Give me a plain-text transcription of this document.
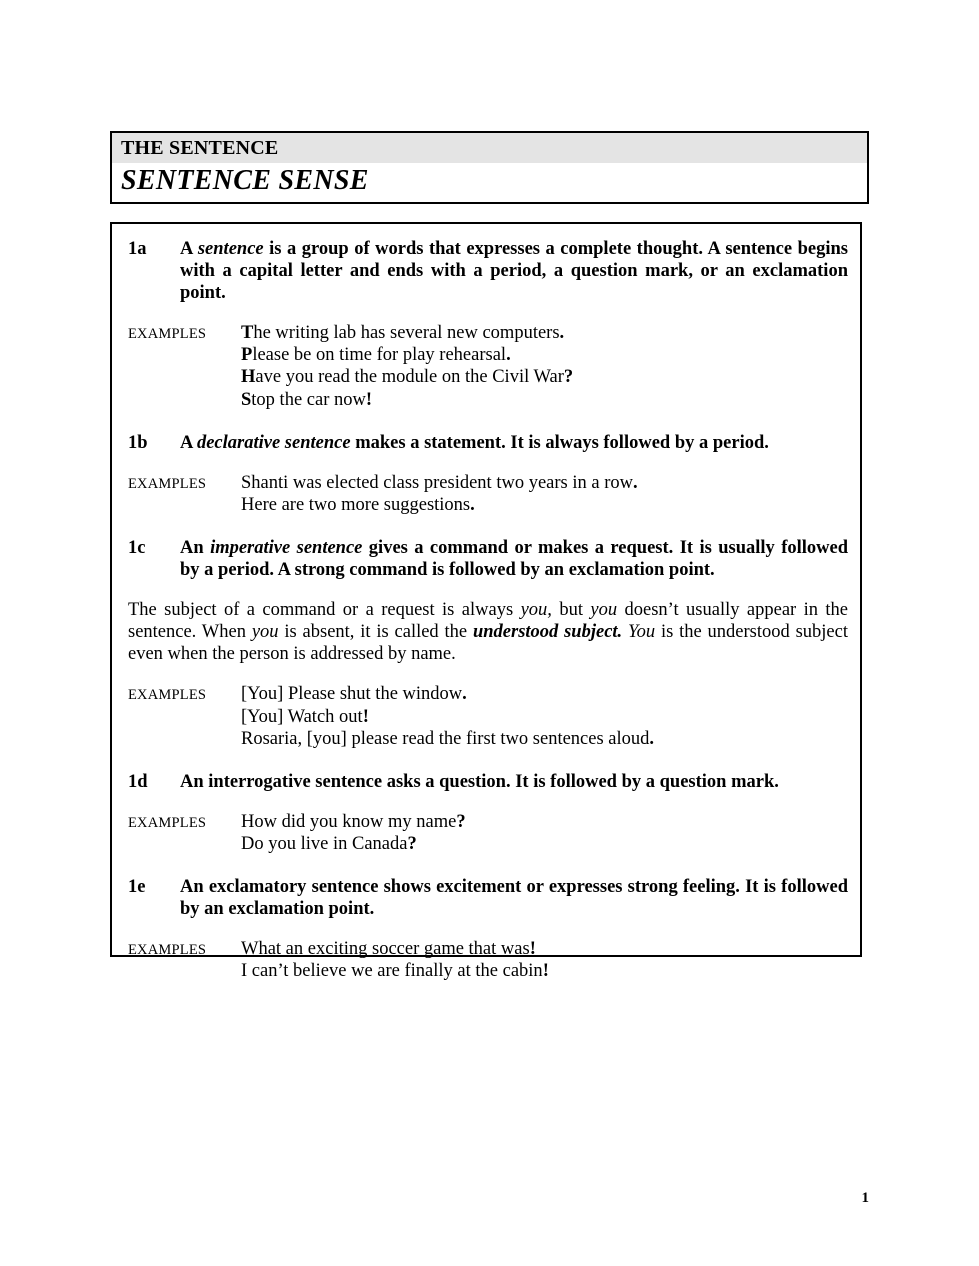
THE SENTENCE
SENTENCE SENSE
1a	A sentence is a group of words that expresses a complete thought. A sentence begins with a capital letter and ends with a period, a question mark, or an exclamation point.
EXAMPLES	The writing lab has several new computers.
Please be on time for play rehearsal.
Have you read the module on the Civil War?
Stop the car now!
1b	A declarative sentence makes a statement. It is always followed by a period.
EXAMPLES	Shanti was elected class president two years in a row.
Here are two more suggestions.
1c	An imperative sentence gives a command or makes a request. It is usually followed by a period. A strong command is followed by an exclamation point.
The subject of a command or a request is always you, but you doesn’t usually appear in the sentence. When you is absent, it is called the understood subject. You is the understood subject even when the person is addressed by name.
EXAMPLES	[You] Please shut the window.
[You] Watch out!
Rosaria, [you] please read the first two sentences aloud.
1d	An interrogative sentence asks a question. It is followed by a question mark.
EXAMPLES	How did you know my name?
Do you live in Canada?
1e	An exclamatory sentence shows excitement or expresses strong feeling. It is followed by an exclamation point.
EXAMPLES	What an exciting soccer game that was!
I can’t believe we are finally at the cabin!
1
